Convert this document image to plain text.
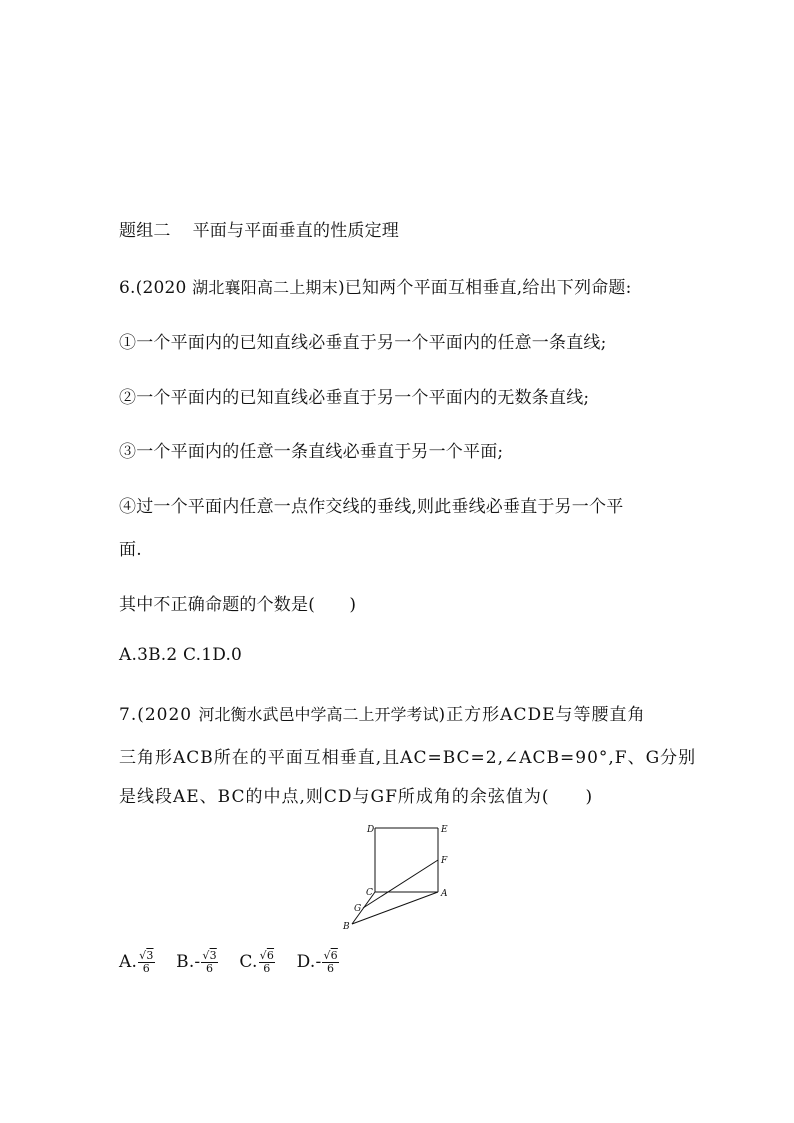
题组二 平面与平面垂直的性质定理
6.(2020 湖北襄阳高二上期末)已知两个平面互相垂直,给出下列命题:
①一个平面内的已知直线必垂直于另一个平面内的任意一条直线;
②一个平面内的已知直线必垂直于另一个平面内的无数条直线;
③一个平面内的任意一条直线必垂直于另一个平面;
④过一个平面内任意一点作交线的垂线,则此垂线必垂直于另一个平
面.
其中不正确命题的个数是(　　)
A.3B.2 C.1D.0
7.(2020 河北衡水武邑中学高二上开学考试)正方形ACDE与等腰直角
三角形ACB所在的平面互相垂直,且AC=BC=2,∠ACB=90°,F、G分别
是线段AE、BC的中点,则CD与GF所成角的余弦值为(　　)
D	E
F
C	A
G
B
A. $\frac{√3}{6} B.- \frac{√3}{6} C$. $\frac{√6}{6} D.- \frac{√6}{6}$
